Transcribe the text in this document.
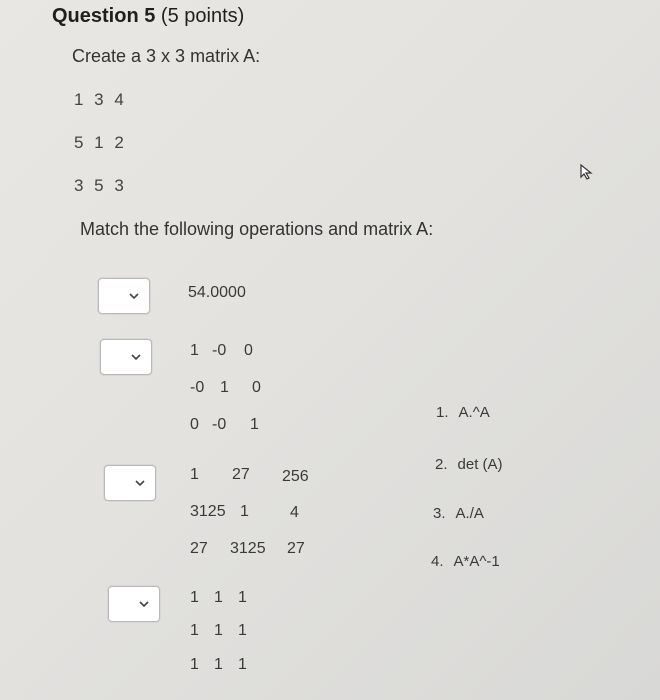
Question 5 (5 points)
Create a 3 x 3 matrix A:
1 3 4
5 1 2
3 5 3
Match the following operations and matrix A:
54.0000
1 -0 0
-0 1 0
0 -0 1
1 27 256
3125 1	4
27 3125 27
1 1 1
1 1 1
1 1 1
1. A.^A
2. det (A)
3. A./A
4. A*A^-1
